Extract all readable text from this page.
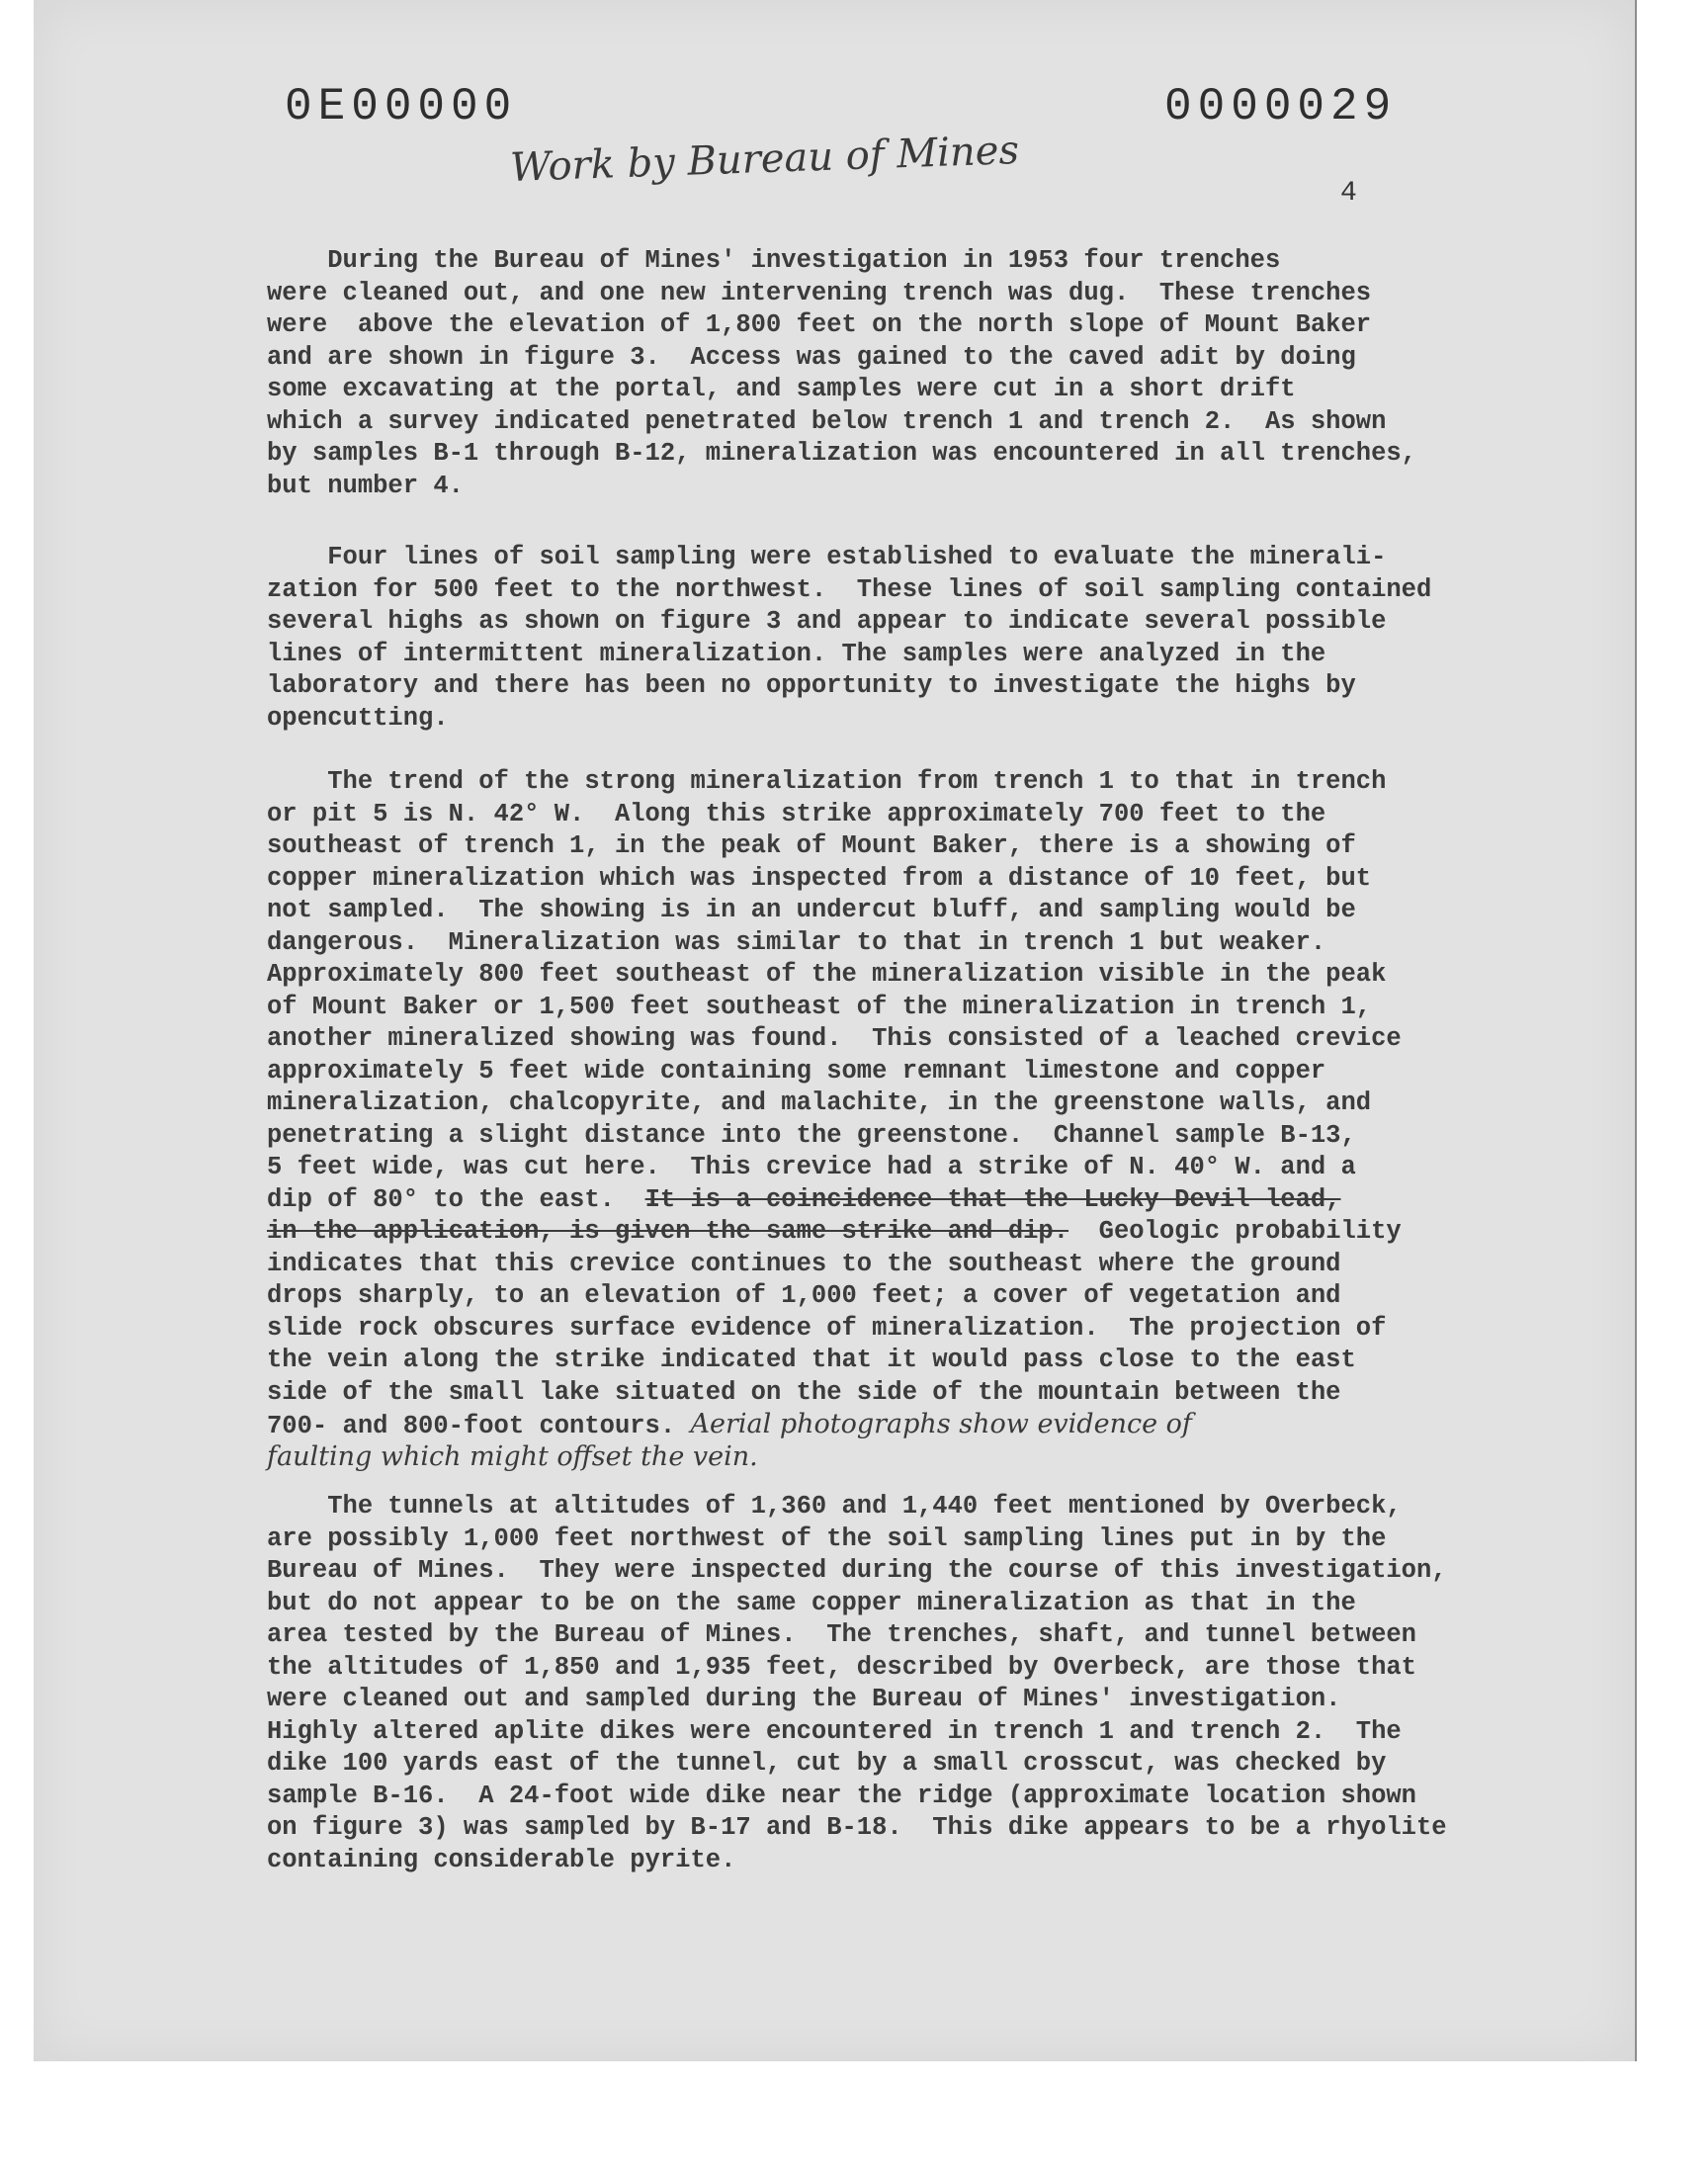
0E00000	0000029
Work by Bureau of Mines
4
During the Bureau of Mines' investigation in 1953 four trenches
were cleaned out, and one new intervening trench was dug.  These trenches
were  above the elevation of 1,800 feet on the north slope of Mount Baker
and are shown in figure 3.  Access was gained to the caved adit by doing
some excavating at the portal, and samples were cut in a short drift
which a survey indicated penetrated below trench 1 and trench 2.  As shown
by samples B-1 through B-12, mineralization was encountered in all trenches,
but number 4.
Four lines of soil sampling were established to evaluate the minerali-
zation for 500 feet to the northwest.  These lines of soil sampling contained
several highs as shown on figure 3 and appear to indicate several possible
lines of intermittent mineralization. The samples were analyzed in the
laboratory and there has been no opportunity to investigate the highs by
opencutting.
The trend of the strong mineralization from trench 1 to that in trench
or pit 5 is N. 42° W.  Along this strike approximately 700 feet to the
southeast of trench 1, in the peak of Mount Baker, there is a showing of
copper mineralization which was inspected from a distance of 10 feet, but
not sampled.  The showing is in an undercut bluff, and sampling would be
dangerous.  Mineralization was similar to that in trench 1 but weaker.
Approximately 800 feet southeast of the mineralization visible in the peak
of Mount Baker or 1,500 feet southeast of the mineralization in trench 1,
another mineralized showing was found.  This consisted of a leached crevice
approximately 5 feet wide containing some remnant limestone and copper
mineralization, chalcopyrite, and malachite, in the greenstone walls, and
penetrating a slight distance into the greenstone.  Channel sample B-13,
5 feet wide, was cut here.  This crevice had a strike of N. 40° W. and a
dip of 80° to the east.  It is a coincidence that the Lucky Devil lead,
in the application, is given the same strike and dip.  Geologic probability
indicates that this crevice continues to the southeast where the ground
drops sharply, to an elevation of 1,000 feet; a cover of vegetation and
slide rock obscures surface evidence of mineralization.  The projection of
the vein along the strike indicated that it would pass close to the east
side of the small lake situated on the side of the mountain between the
700- and 800-foot contours. Aerial photographs show evidence of
faulting which might offset the vein.
The tunnels at altitudes of 1,360 and 1,440 feet mentioned by Overbeck,
are possibly 1,000 feet northwest of the soil sampling lines put in by the
Bureau of Mines.  They were inspected during the course of this investigation,
but do not appear to be on the same copper mineralization as that in the
area tested by the Bureau of Mines.  The trenches, shaft, and tunnel between
the altitudes of 1,850 and 1,935 feet, described by Overbeck, are those that
were cleaned out and sampled during the Bureau of Mines' investigation.
Highly altered aplite dikes were encountered in trench 1 and trench 2.  The
dike 100 yards east of the tunnel, cut by a small crosscut, was checked by
sample B-16.  A 24-foot wide dike near the ridge (approximate location shown
on figure 3) was sampled by B-17 and B-18.  This dike appears to be a rhyolite
containing considerable pyrite.
